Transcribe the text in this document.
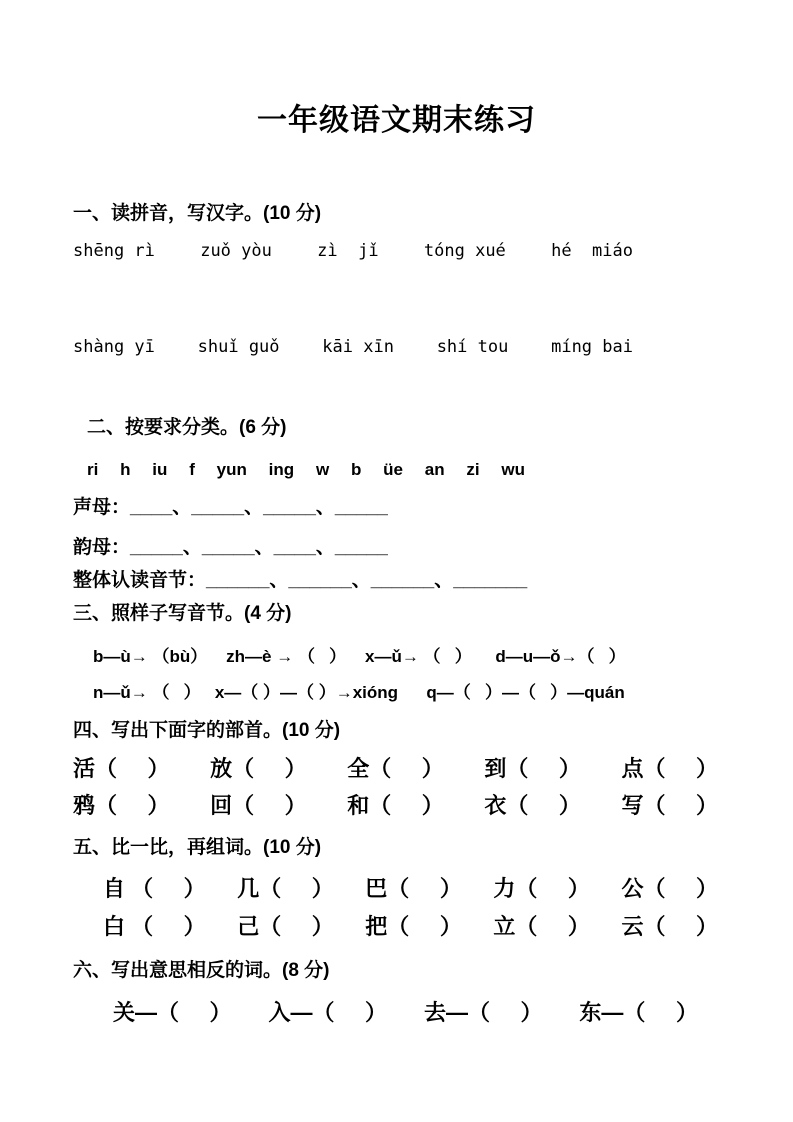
一年级语文期末练习
一、读拼音，写汉字。(10 分)
shēng rì	zuǒ yòu	zì  jǐ	tóng xué	hé  miáo
shàng yī	shuǐ guǒ	kāi xīn	shí tou	míng bai
二、按要求分类。(6 分)
ri h iu f yun ing w b üe an zi wu
声母：____、_____、_____、_____
韵母：_____、_____、____、_____
整体认读音节：______、______、______、_______
三、照样子写音节。(4 分)
b—ù→ （bù）    zh—è → （   ）    x—ǔ→ （   ）     d—u—ǒ→（   ）
n—ǔ→ （   ）   x—（ ）—（ ）→xióng      q—（   ）—（   ）—quán
四、写出下面字的部首。(10 分)
活（     ） 放（     ） 全（     ） 到（     ） 点（     ）
鸦（     ） 回（     ） 和（     ） 衣（     ） 写（     ）
五、比一比，再组词。(10 分)
自 （     ） 几（     ） 巴（     ） 力（     ） 公（     ）
白 （     ） 己（     ） 把（     ） 立（     ） 云（     ）
六、写出意思相反的词。(8 分)
关—（     ） 入—（     ） 去—（     ） 东—（     ）
